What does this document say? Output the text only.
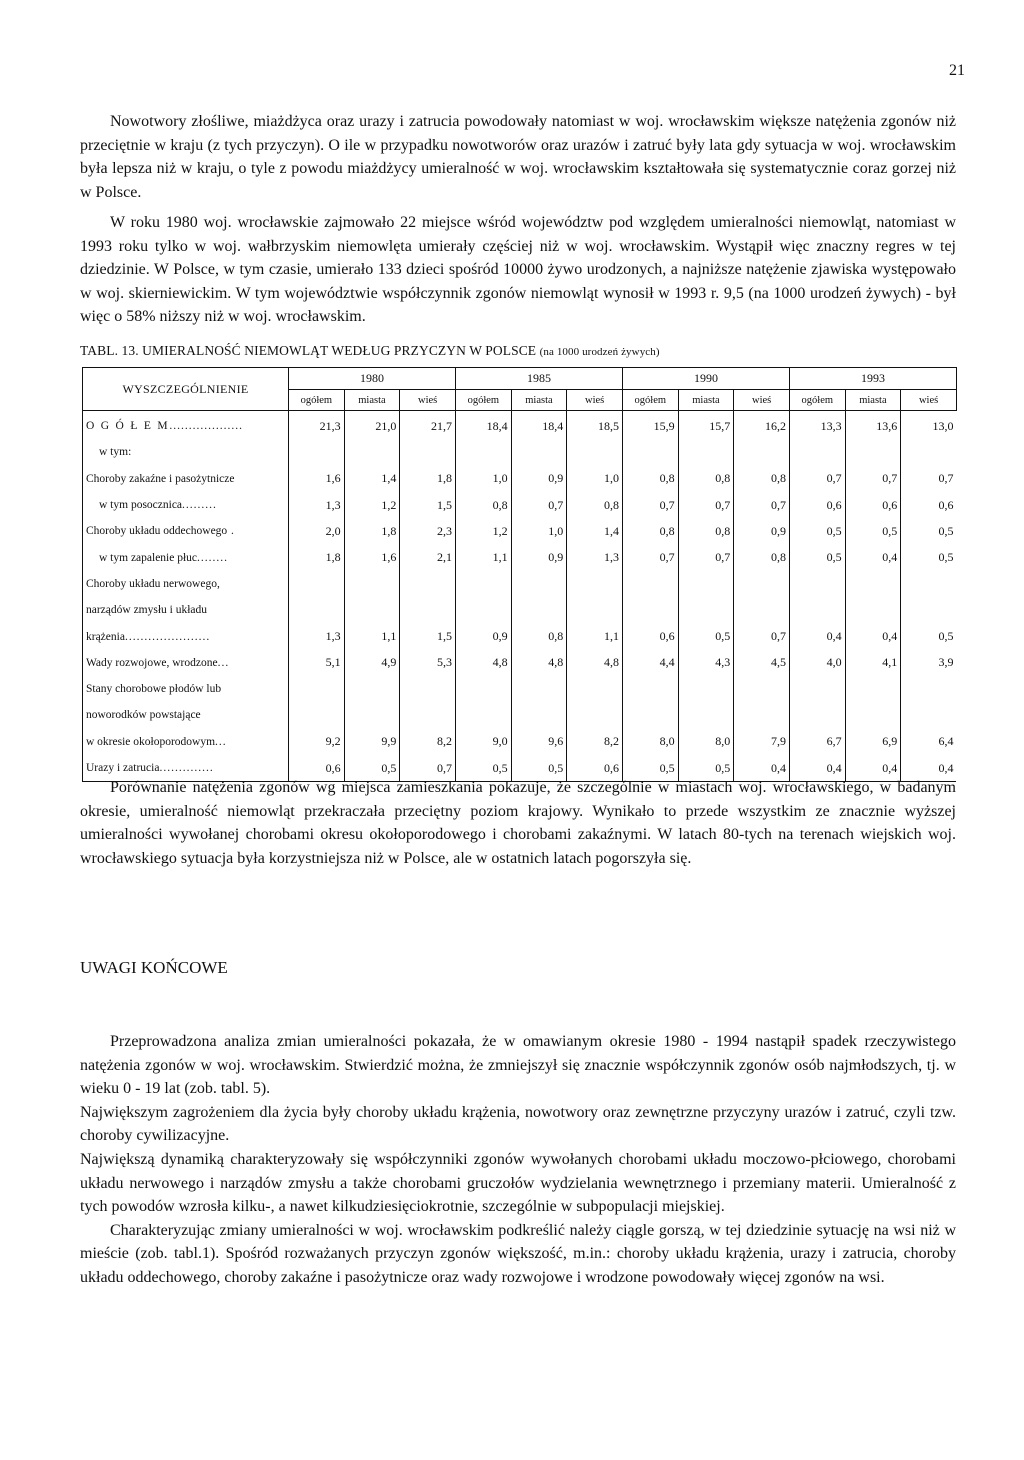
21

Nowotwory złośliwe, miażdżyca oraz urazy i zatrucia powodowały natomiast w woj. wrocławskim większe natężenia zgonów niż przeciętnie w kraju (z tych przyczyn). O ile w przypadku nowotworów oraz urazów i zatruć były lata gdy sytuacja w woj. wrocławskim była lepsza niż w kraju, o tyle z powodu miażdżycy umieralność w woj. wrocławskim kształtowała się systematycznie coraz gorzej niż w Polsce.

W roku 1980 woj. wrocławskie zajmowało 22 miejsce wśród województw pod względem umieralności niemowląt, natomiast w 1993 roku tylko w woj. wałbrzyskim niemowlęta umierały częściej niż w woj. wrocławskim. Wystąpił więc znaczny regres w tej dziedzinie. W Polsce, w tym czasie, umierało 133 dzieci spośród 10000 żywo urodzonych, a najniższe natężenie zjawiska występowało w woj. skierniewickim. W tym województwie współczynnik zgonów niemowląt wynosił w 1993 r. 9,5 (na 1000 urodzeń żywych) - był więc o 58% niższy niż w woj. wrocławskim.

TABL. 13. UMIERALNOŚĆ NIEMOWLĄT WEDŁUG PRZYCZYN W POLSCE (na 1000 urodzeń żywych)
WYSZCZEGÓLNIENIE	1980			1985			1990			1993		
	ogółem	miasta	wieś	ogółem	miasta	wieś	ogółem	miasta	wieś	ogółem	miasta	wieś
O G Ó Ł E M...................	21,3	21,0	21,7	18,4	18,4	18,5	15,9	15,7	16,2	13,3	13,6	13,0
w tym:												
Choroby zakaźne i pasożytnicze	1,6	1,4	1,8	1,0	0,9	1,0	0,8	0,8	0,8	0,7	0,7	0,7
w tym posocznica.........	1,3	1,2	1,5	0,8	0,7	0,8	0,7	0,7	0,7	0,6	0,6	0,6
Choroby układu oddechowego .	2,0	1,8	2,3	1,2	1,0	1,4	0,8	0,8	0,9	0,5	0,5	0,5
w tym zapalenie płuc........	1,8	1,6	2,1	1,1	0,9	1,3	0,7	0,7	0,8	0,5	0,4	0,5
Choroby układu nerwowego,												
narządów zmysłu i układu												
krążenia......................	1,3	1,1	1,5	0,9	0,8	1,1	0,6	0,5	0,7	0,4	0,4	0,5
Wady rozwojowe, wrodzone...	5,1	4,9	5,3	4,8	4,8	4,8	4,4	4,3	4,5	4,0	4,1	3,9
Stany chorobowe płodów lub												
noworodków powstające												
w okresie okołoporodowym...	9,2	9,9	8,2	9,0	9,6	8,2	8,0	8,0	7,9	6,7	6,9	6,4
Urazy i zatrucia..............	0,6	0,5	0,7	0,5	0,5	0,6	0,5	0,5	0,4	0,4	0,4	0,4

Porównanie natężenia zgonów wg miejsca zamieszkania pokazuje, że szczególnie w miastach woj. wrocławskiego, w badanym okresie, umieralność niemowląt przekraczała przeciętny poziom krajowy. Wynikało to przede wszystkim ze znacznie wyższej umieralności wywołanej chorobami okresu okołoporodowego i chorobami zakaźnymi. W latach 80-tych na terenach wiejskich woj. wrocławskiego sytuacja była korzystniejsza niż w Polsce, ale w ostatnich latach pogorszyła się.

UWAGI KOŃCOWE

Przeprowadzona analiza zmian umieralności pokazała, że w omawianym okresie 1980 - 1994 nastąpił spadek rzeczywistego natężenia zgonów w woj. wrocławskim. Stwierdzić można, że zmniejszył się znacznie współczynnik zgonów osób najmłodszych, tj. w wieku 0 - 19 lat (zob. tabl. 5).

Największym zagrożeniem dla życia były choroby układu krążenia, nowotwory oraz zewnętrzne przyczyny urazów i zatruć, czyli tzw. choroby cywilizacyjne.

Największą dynamiką charakteryzowały się współczynniki zgonów wywołanych chorobami układu moczowo-płciowego, chorobami układu nerwowego i narządów zmysłu a także chorobami gruczołów wydzielania wewnętrznego i przemiany materii. Umieralność z tych powodów wzrosła kilku-, a nawet kilkudziesięciokrotnie, szczególnie w subpopulacji miejskiej.

Charakteryzując zmiany umieralności w woj. wrocławskim podkreślić należy ciągle gorszą, w tej dziedzinie sytuację na wsi niż w mieście (zob. tabl.1). Spośród rozważanych przyczyn zgonów większość, m.in.: choroby układu krążenia, urazy i zatrucia, choroby układu oddechowego, choroby zakaźne i pasożytnicze oraz wady rozwojowe i wrodzone powodowały więcej zgonów na wsi.
